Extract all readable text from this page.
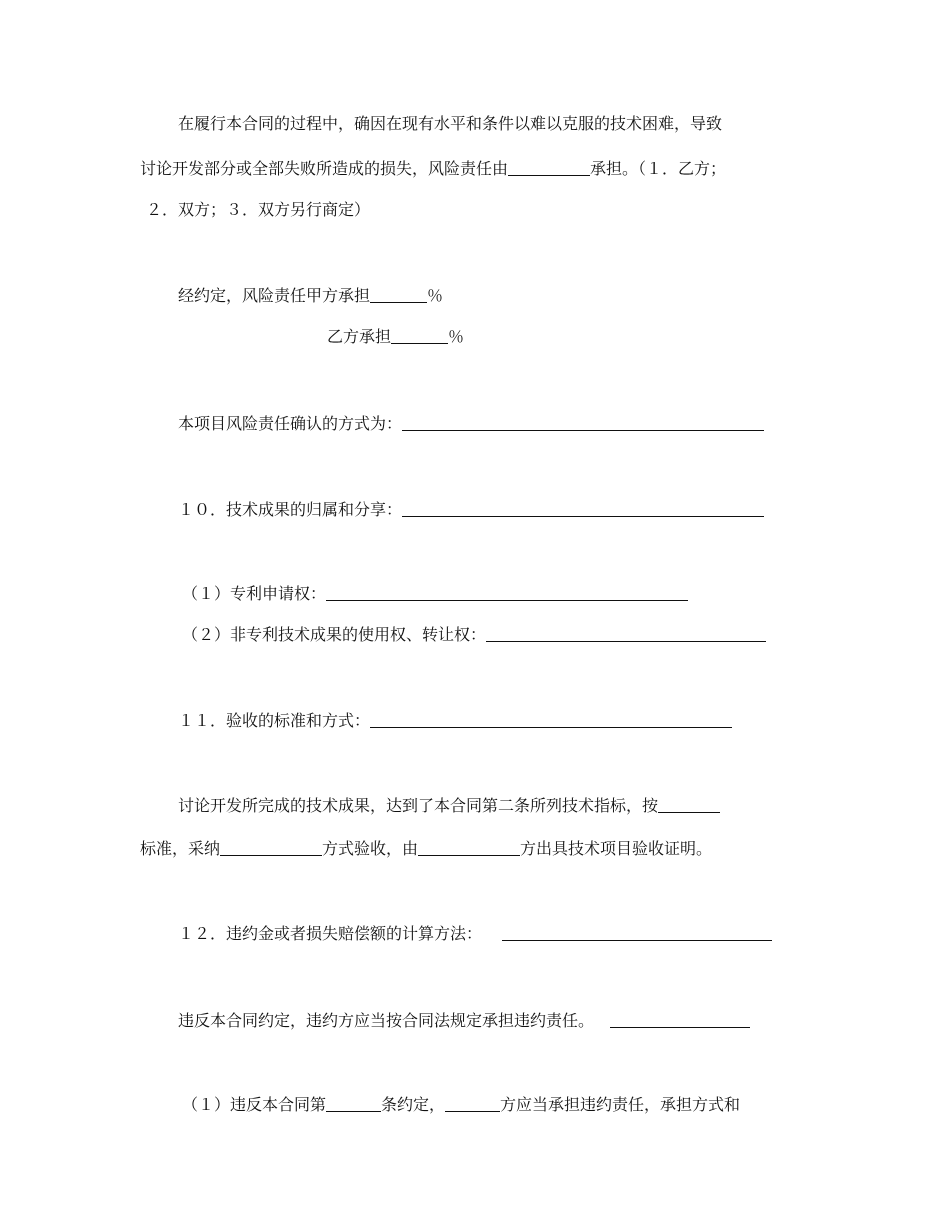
在履行本合同的过程中，确因在现有水平和条件以难以克服的技术困难，导致
讨论开发部分或全部失败所造成的损失，风险责任由	承担。（１．乙方；
２．双方；３．双方另行商定）
经约定，风险责任甲方承担	％
乙方承担	％
本项目风险责任确认的方式为：
１０．技术成果的归属和分享：
（１）专利申请权：
（２）非专利技术成果的使用权、转让权：
１１．验收的标准和方式：
讨论开发所完成的技术成果，达到了本合同第二条所列技术指标，按
标准，采纳	方式验收，由	方出具技术项目验收证明。
１２．违约金或者损失赔偿额的计算方法：
违反本合同约定，违约方应当按合同法规定承担违约责任。
（１）违反本合同第	条约定，	方应当承担违约责任，承担方式和
